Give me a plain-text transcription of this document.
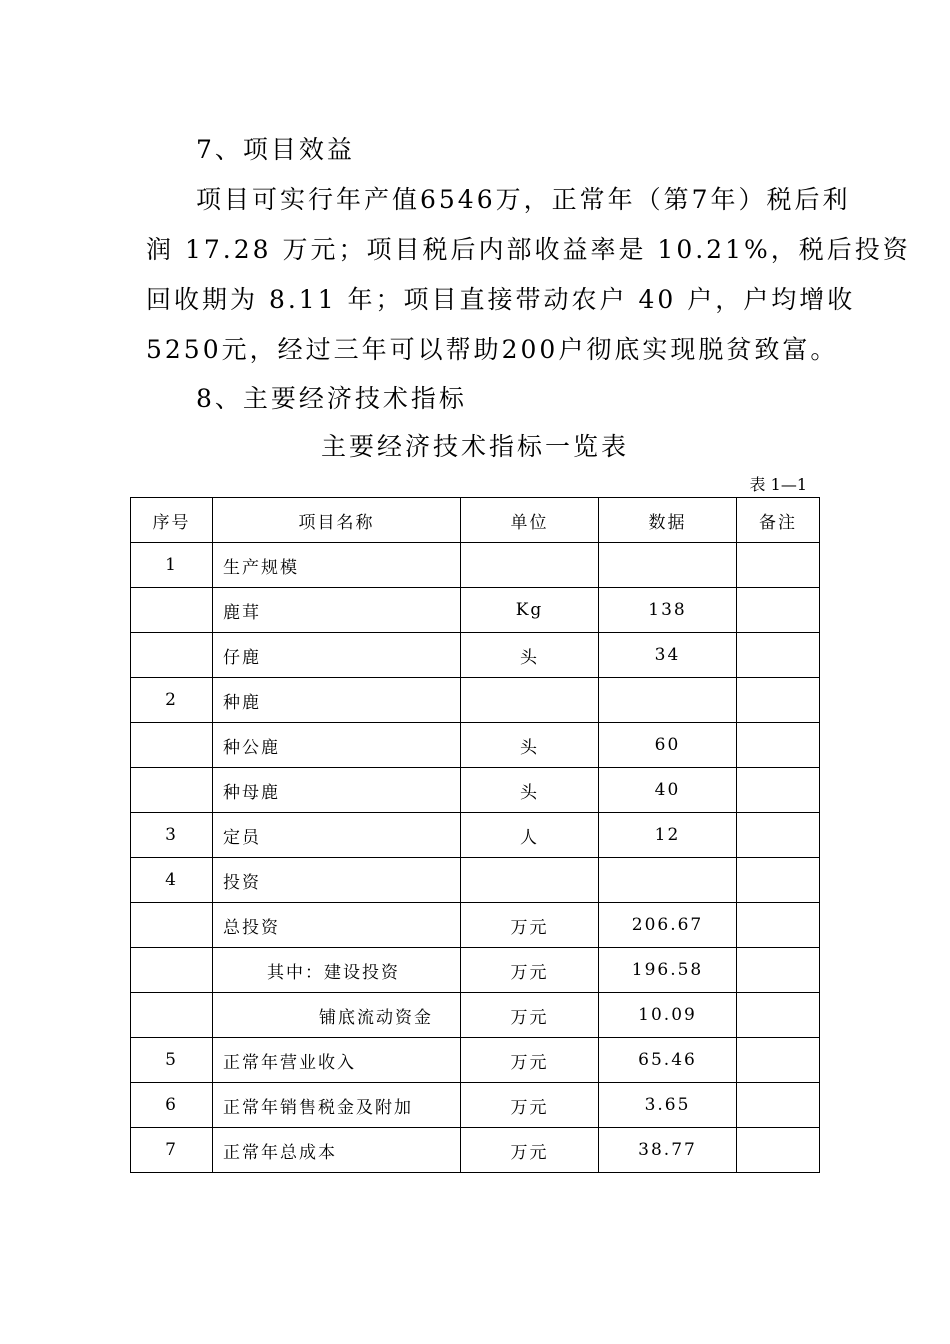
7、项目效益
项目可实行年产值6546万，正常年（第7年）税后利
润 17.28 万元；项目税后内部收益率是 10.21%，税后投资
回收期为 8.11 年；项目直接带动农户 40 户，户均增收
5250元，经过三年可以帮助200户彻底实现脱贫致富。
8、主要经济技术指标
主要经济技术指标一览表
表 1—1
序号	项目名称	单位	数据	备注
1	生产规模			
	鹿茸	Kg	138	
	仔鹿	头	34	
2	种鹿			
	种公鹿	头	60	
	种母鹿	头	40	
3	定员	人	12	
4	投资			
	总投资	万元	206.67	
	其中：建设投资	万元	196.58	
	铺底流动资金	万元	10.09	
5	正常年营业收入	万元	65.46	
6	正常年销售税金及附加	万元	3.65	
7	正常年总成本	万元	38.77	
